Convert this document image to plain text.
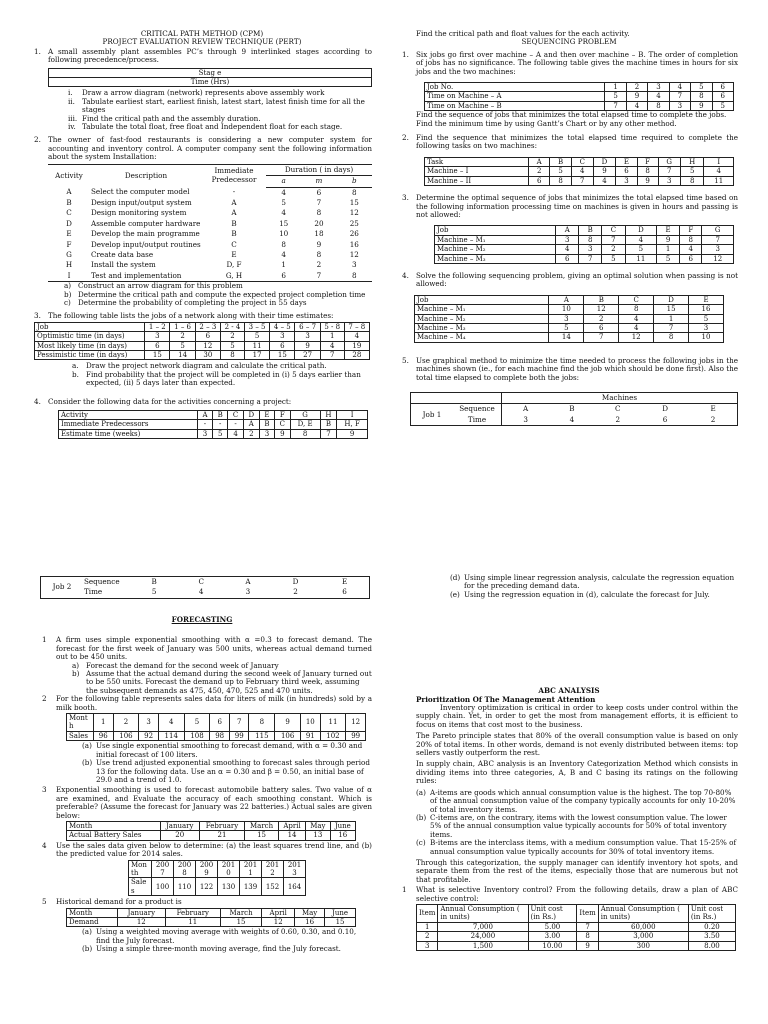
CRITICAL PATH METHOD (CPM)

PROJECT EVALUATION REVIEW TECHNIQUE (PERT)

1. A small assembly plant assembles PC’s through 9 interlinked stages according to following precedence/process.
Stag e
Time (Hrs)
i. Draw a arrow diagram (network) represents above assembly work
ii. Tabulate earliest start, earliest finish, latest start, latest finish time for all the stages
iii. Find the critical path and the assembly duration.
iv. Tabulate the total float, free float and Independent float for each stage.
2. The owner of fast-food restaurants is considering a new computer system for accounting and inventory control. A computer company sent the following information about the system Installation:
Activity	Description	Immediate Predecessor	Duration ( in days)		
			a	m	b
A	Select the computer model	-	4	6	8
B	Design input/output system	A	5	7	15
C	Design monitoring system	A	4	8	12
D	Assemble computer hardware	B	15	20	25
E	Develop the main programme	B	10	18	26
F	Develop input/output routines	C	8	9	16
G	Create data base	E	4	8	12
H	Install the system	D, F	1	2	3
I	Test and implementation	G, H	6	7	8
a) Construct an arrow diagram for this problem
b) Determine the critical path and compute the expected project completion time
c) Determine the probability of completing the project in 55 days
3. The following table lists the jobs of a network along with their time estimates:
Job	1 – 2	1 – 6	2 – 3	2 - 4	3 – 5	4 – 5	6 – 7	5 - 8	7 – 8
Optimistic time (in days)	3	2	6	2	5	3	3	1	4
Most likely time (in days)	6	5	12	5	11	6	9	4	19
Pessimistic time (in days)	15	14	30	8	17	15	27	7	28
a. Draw the project network diagram and calculate the critical path.
b. Find probability that the project will be completed in (i) 5 days earlier than expected, (ii) 5 days later than expected.
4. Consider the following data for the activities concerning a project:
Activity	A	B	C	D	E	F	G	H	I
Immediate Predecessors	-	-	-	A	B	C	D, E	B	H, F
Estimate time (weeks)	3	5	4	2	3	9	8	7	9
Job 2	Sequence	B	C	A	D	E
	Time	5	4	3	2	6

FORECASTING

1 A firm uses simple exponential smoothing with α =0.3 to forecast demand. The forecast for the first week of January was 500 units, whereas actual demand turned out to be 450 units.
a) Forecast the demand for the second week of January
b) Assume that the actual demand during the second week of January turned out to be 550 units. Forecast the demand up to February third week, assuming the subsequent demands as 475, 450, 470, 525 and 470 units.
2 For the following table represents sales data for liters of milk (in hundreds) sold by a milk booth.
Mont h	1	2	3	4	5	6	7	8	9	10	11	12
Sales	96	106	92	114	108	98	99	115	106	91	102	99
(a) Use single exponential smoothing to forecast demand, with α = 0.30 and initial forecast of 100 liters.
(b) Use trend adjusted exponential smoothing to forecast sales through period 13 for the following data. Use an α = 0.30 and β = 0.50, an initial base of 29.0 and a trend of 1.0.
3 Exponential smoothing is used to forecast automobile battery sales. Two value of α are examined, and Evaluate the accuracy of each smoothing constant. Which is preferable? (Assume the forecast for January was 22 batteries.) Actual sales are given below:
Month	January	February	March	April	May	June
Actual Battery Sales	20	21	15	14	13	16
4 Use the sales data given below to determine: (a) the least squares trend line, and (b) the predicted value for 2014 sales.
Mon th	200 7	200 8	200 9	201 0	201 1	201 2	201 3
Sale s	100	110	122	130	139	152	164
5 Historical demand for a product is
Month	January	February	March	April	May	June
Demand	12	11	15	12	16	15
(a) Using a weighted moving average with weights of 0.60, 0.30, and 0.10, find the July forecast.
(b) Using a simple three-month moving average, find the July forecast.

Find the critical path and float values for the each activity.

SEQUENCING PROBLEM

1. Six jobs go first over machine – A and then over machine – B. The order of completion of jobs has no significance. The following table gives the machine times in hours for six jobs and the two machines:
Job No.	1	2	3	4	5	6
Time on Machine – A	5	9	4	7	8	6
Time on Machine – B	7	4	8	3	9	5

Find the sequence of jobs that minimizes the total elapsed time to complete the jobs. Find the minimum time by using Gantt’s Chart or by any other method.

2. Find the sequence that minimizes the total elapsed time required to complete the following tasks on two machines:
Task	A	B	C	D	E	F	G	H	I
Machine – I	2	5	4	9	6	8	7	5	4
Machine – II	6	8	7	4	3	9	3	8	11
3. Determine the optimal sequence of jobs that minimizes the total elapsed time based on the following information processing time on machines is given in hours and passing is not allowed:
Job	A	B	C	D	E	F	G
Machine – M₁	3	8	7	4	9	8	7
Machine – M₂	4	3	2	5	1	4	3
Machine – M₃	6	7	5	11	5	6	12
4. Solve the following sequencing problem, giving an optimal solution when passing is not allowed:
Job	A	B	C	D	E
Machine – M₁	10	12	8	15	16
Machine – M₂	3	2	4	1	5
Machine – M₃	5	6	4	7	3
Machine – M₄	14	7	12	8	10
5. Use graphical method to minimize the time needed to process the following jobs in the machines shown (ie., for each machine find the job which should be done first). Also the total time elapsed to complete both the jobs:
		Machines				
Job 1	Sequence	A	B	C	D	E
	Time	3	4	2	6	2
(d) Using simple linear regression analysis, calculate the regression equation for the preceding demand data.
(e) Using the regression equation in (d), calculate the forecast for July.

ABC ANALYSIS

Prioritization Of The Management Attention

Inventory optimization is critical in order to keep costs under control within the supply chain. Yet, in order to get the most from management efforts, it is efficient to focus on items that cost most to the business.

The Pareto principle states that 80% of the overall consumption value is based on only 20% of total items. In other words, demand is not evenly distributed between items: top sellers vastly outperform the rest.

In supply chain, ABC analysis is an Inventory Categorization Method which consists in dividing items into three categories, A, B and C basing its ratings on the following rules:

(a) A-items are goods which annual consumption value is the highest. The top 70-80% of the annual consumption value of the company typically accounts for only 10-20% of total inventory items.
(b) C-items are, on the contrary, items with the lowest consumption value. The lower 5% of the annual consumption value typically accounts for 50% of total inventory items.
(c) B-items are the interclass items, with a medium consumption value. That 15-25% of annual consumption value typically accounts for 30% of total inventory items.

Through this categorization, the supply manager can identify inventory hot spots, and separate them from the rest of the items, especially those that are numerous but not that profitable.

1 What is selective Inventory control? From the following details, draw a plan of ABC selective control:
Item	Annual Consumption ( in units)	Unit cost (in Rs.)	Item	Annual Consumption ( in units)	Unit cost (in Rs.)
1	7,000	5.00	7	60,000	0.20
2	24,000	3.00	8	3,000	3.50
3	1,500	10.00	9	300	8.00
